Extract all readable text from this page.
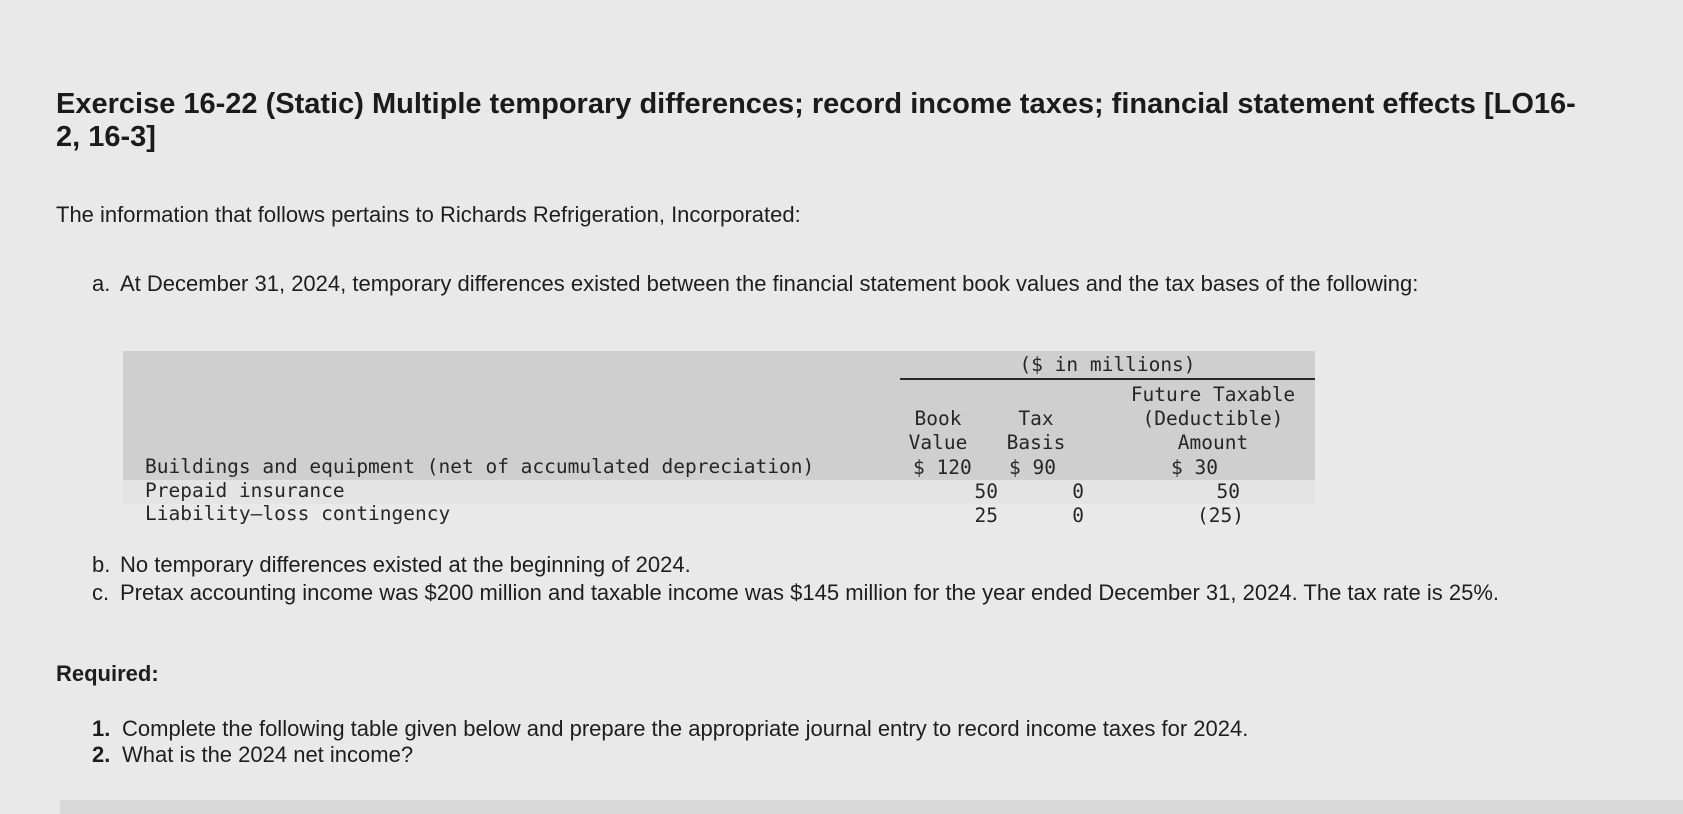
Exercise 16-22 (Static) Multiple temporary differences; record income taxes; financial statement effects [LO16-2, 16-3]
The information that follows pertains to Richards Refrigeration, Incorporated:
a. At December 31, 2024, temporary differences existed between the financial statement book values and the tax bases of the following:
($ in millions)
Book
Value
Tax
Basis
Future Taxable
(Deductible)
Amount
Buildings and equipment (net of accumulated depreciation)	$ 120 $ 90	$ 30
Prepaid insurance	50	0	50
Liability–loss contingency	25	0	(25)
b. No temporary differences existed at the beginning of 2024.
c. Pretax accounting income was $200 million and taxable income was $145 million for the year ended December 31, 2024. The tax rate is 25%.
Required:
1. Complete the following table given below and prepare the appropriate journal entry to record income taxes for 2024.
2. What is the 2024 net income?
